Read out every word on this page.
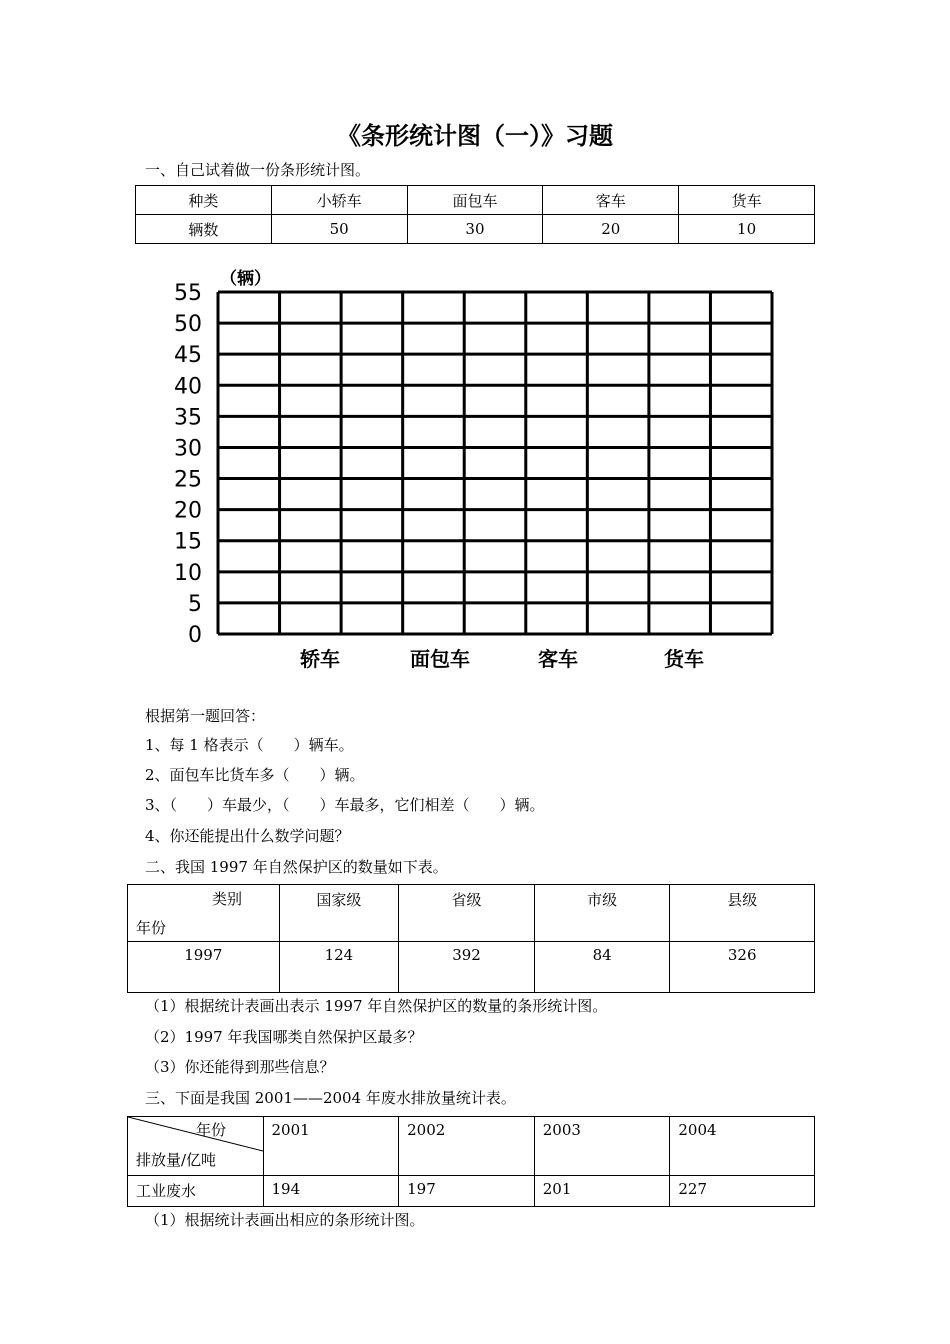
《条形统计图（一）》习题
一、自己试着做一份条形统计图。
种类	小轿车	面包车	客车	货车
辆数	50	30	20	10
（辆）
55
50
45
40
35
30
25
20
15
10
5
0
轿车	面包车	客车	货车
根据第一题回答：
1、每 1 格表示（　　）辆车。
2、面包车比货车多（　　）辆。
3、（　　）车最少，（　　）车最多，它们相差（　　）辆。
4、你还能提出什么数学问题？
二、我国 1997 年自然保护区的数量如下表。
类别
年份	国家级	省级	市级	县级
1997	124	392	84	326
（1）根据统计表画出表示 1997 年自然保护区的数量的条形统计图。
（2）1997 年我国哪类自然保护区最多？
（3）你还能得到那些信息？
三、下面是我国 2001——2004 年废水排放量统计表。
年份
排放量/亿吨	2001	2002	2003	2004
工业废水	194	197	201	227
（1）根据统计表画出相应的条形统计图。
